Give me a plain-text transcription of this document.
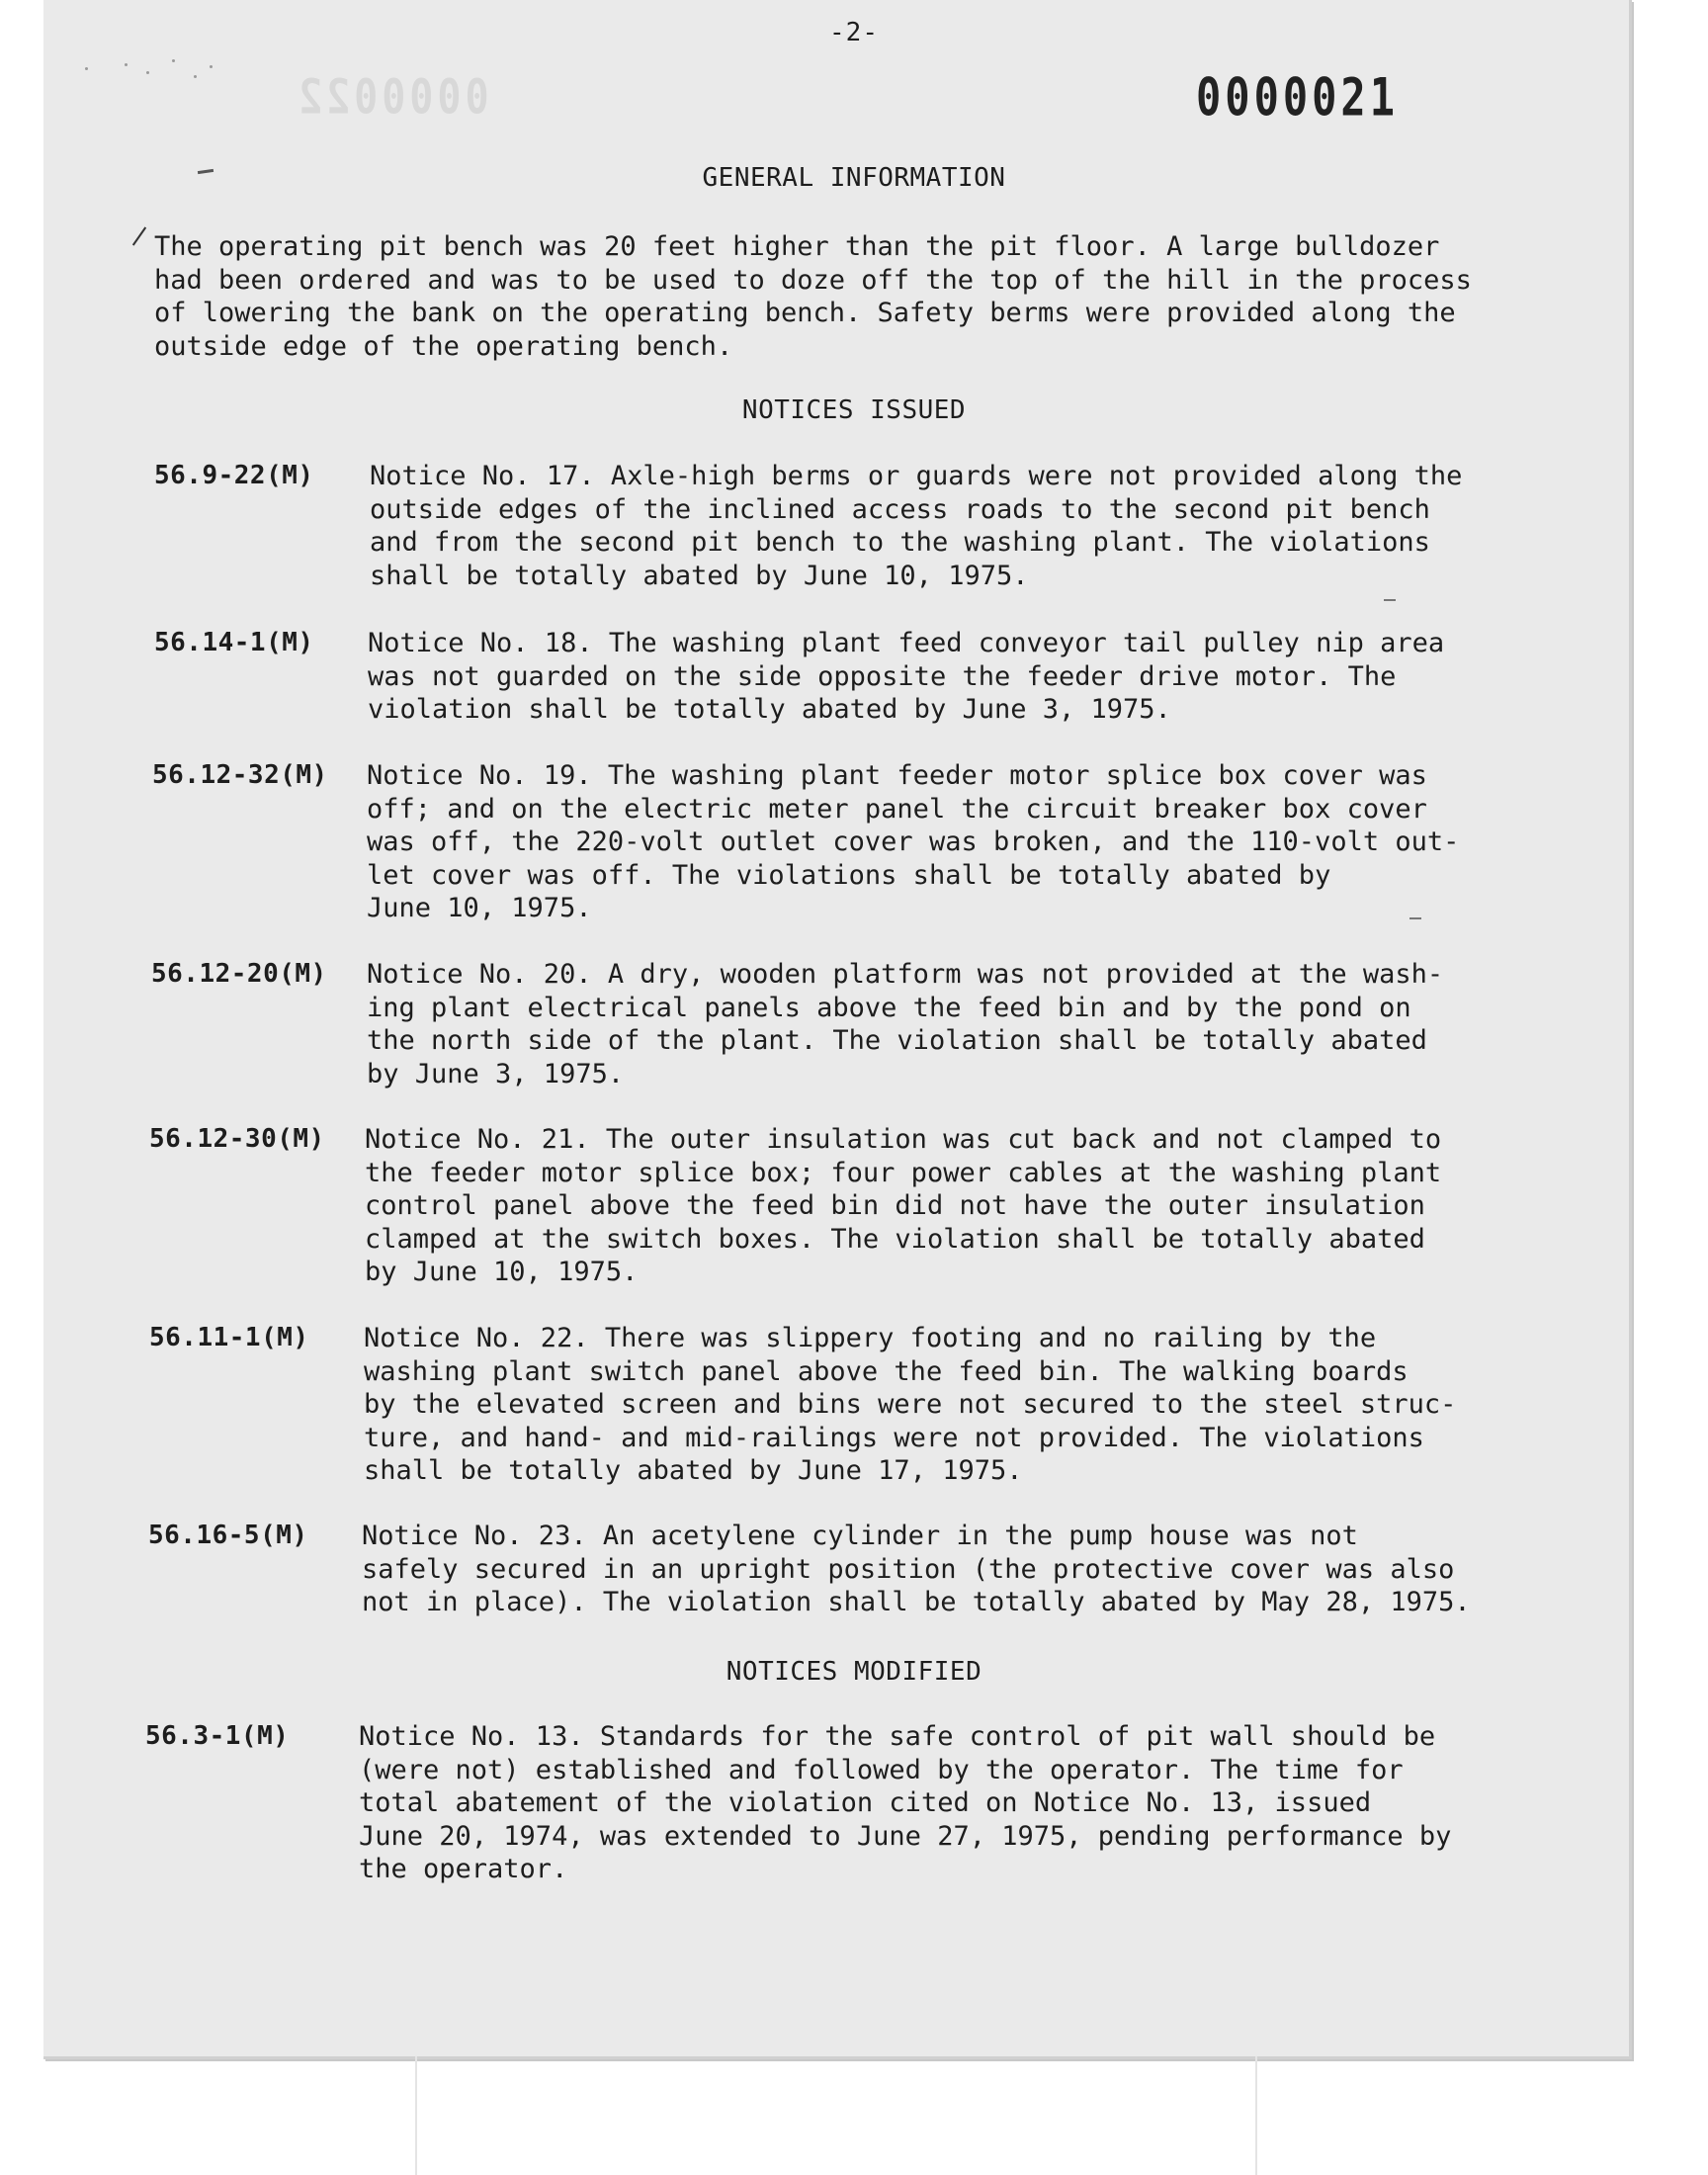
0000022
-2-
0000021
GENERAL INFORMATION
The operating pit bench was 20 feet higher than the pit floor. A large bulldozer
had been ordered and was to be used to doze off the top of the hill in the process
of lowering the bank on the operating bench. Safety berms were provided along the
outside edge of the operating bench.
NOTICES ISSUED
56.9-22(M) Notice No. 17. Axle-high berms or guards were not provided along the
outside edges of the inclined access roads to the second pit bench
and from the second pit bench to the washing plant. The violations
shall be totally abated by June 10, 1975.
56.14-1(M) Notice No. 18. The washing plant feed conveyor tail pulley nip area
was not guarded on the side opposite the feeder drive motor. The
violation shall be totally abated by June 3, 1975.
56.12-32(M) Notice No. 19. The washing plant feeder motor splice box cover was
off; and on the electric meter panel the circuit breaker box cover
was off, the 220-volt outlet cover was broken, and the 110-volt out-
let cover was off. The violations shall be totally abated by
June 10, 1975.
56.12-20(M) Notice No. 20. A dry, wooden platform was not provided at the wash-
ing plant electrical panels above the feed bin and by the pond on
the north side of the plant. The violation shall be totally abated
by June 3, 1975.
56.12-30(M) Notice No. 21. The outer insulation was cut back and not clamped to
the feeder motor splice box; four power cables at the washing plant
control panel above the feed bin did not have the outer insulation
clamped at the switch boxes. The violation shall be totally abated
by June 10, 1975.
56.11-1(M) Notice No. 22. There was slippery footing and no railing by the
washing plant switch panel above the feed bin. The walking boards
by the elevated screen and bins were not secured to the steel struc-
ture, and hand- and mid-railings were not provided. The violations
shall be totally abated by June 17, 1975.
56.16-5(M) Notice No. 23. An acetylene cylinder in the pump house was not
safely secured in an upright position (the protective cover was also
not in place). The violation shall be totally abated by May 28, 1975.
NOTICES MODIFIED
56.3-1(M)	Notice No. 13. Standards for the safe control of pit wall should be
(were not) established and followed by the operator. The time for
total abatement of the violation cited on Notice No. 13, issued
June 20, 1974, was extended to June 27, 1975, pending performance by
the operator.
